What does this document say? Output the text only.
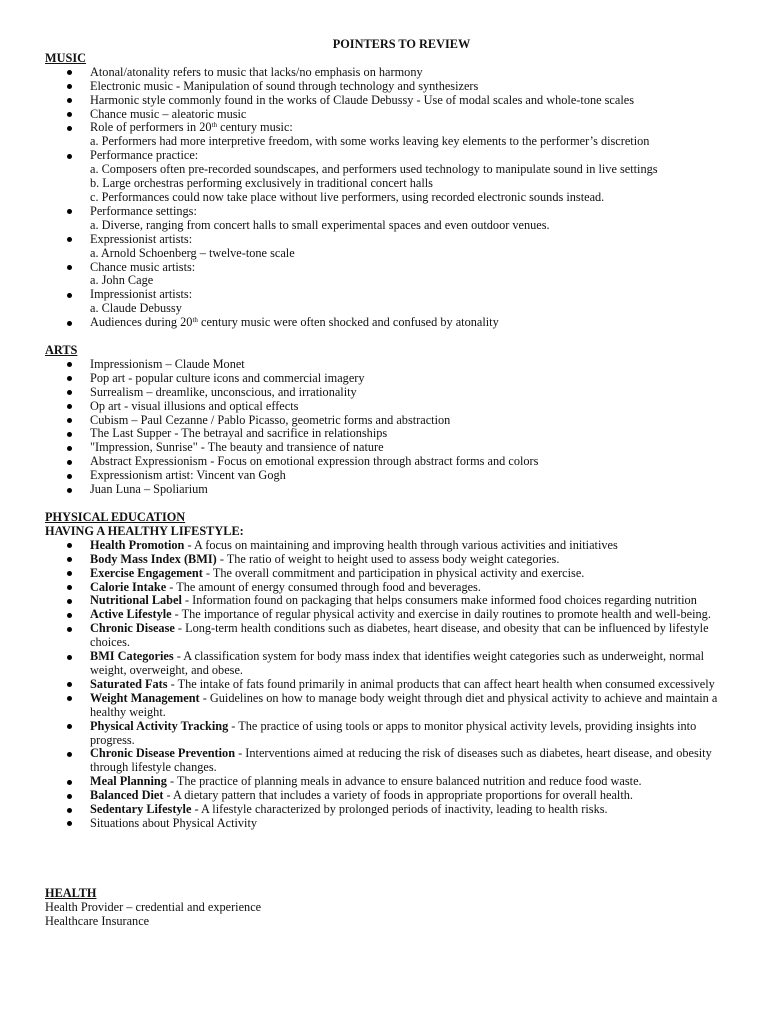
POINTERS TO REVIEW
MUSIC
Atonal/atonality refers to music that lacks/no emphasis on harmony
Electronic music - Manipulation of sound through technology and synthesizers
Harmonic style commonly found in the works of Claude Debussy - Use of modal scales and whole-tone scales
Chance music – aleatoric music
Role of performers in 20th century music:
a. Performers had more interpretive freedom, with some works leaving key elements to the performer’s discretion
Performance practice:
a. Composers often pre-recorded soundscapes, and performers used technology to manipulate sound in live settings
b. Large orchestras performing exclusively in traditional concert halls
c. Performances could now take place without live performers, using recorded electronic sounds instead.
Performance settings:
a. Diverse, ranging from concert halls to small experimental spaces and even outdoor venues.
Expressionist artists:
a. Arnold Schoenberg – twelve-tone scale
Chance music artists:
a. John Cage
Impressionist artists:
a. Claude Debussy
Audiences during 20th century music were often shocked and confused by atonality
ARTS
Impressionism – Claude Monet
Pop art - popular culture icons and commercial imagery
Surrealism – dreamlike, unconscious, and irrationality
Op art - visual illusions and optical effects
Cubism – Paul Cezanne / Pablo Picasso, geometric forms and abstraction
The Last Supper - The betrayal and sacrifice in relationships
"Impression, Sunrise" - The beauty and transience of nature
Abstract Expressionism - Focus on emotional expression through abstract forms and colors
Expressionism artist: Vincent van Gogh
Juan Luna – Spoliarium
PHYSICAL EDUCATION
HAVING A HEALTHY LIFESTYLE:
Health Promotion - A focus on maintaining and improving health through various activities and initiatives
Body Mass Index (BMI) - The ratio of weight to height used to assess body weight categories.
Exercise Engagement - The overall commitment and participation in physical activity and exercise.
Calorie Intake - The amount of energy consumed through food and beverages.
Nutritional Label - Information found on packaging that helps consumers make informed food choices regarding nutrition
Active Lifestyle - The importance of regular physical activity and exercise in daily routines to promote health and well-being.
Chronic Disease - Long-term health conditions such as diabetes, heart disease, and obesity that can be influenced by lifestyle choices.
BMI Categories - A classification system for body mass index that identifies weight categories such as underweight, normal weight, overweight, and obese.
Saturated Fats - The intake of fats found primarily in animal products that can affect heart health when consumed excessively
Weight Management - Guidelines on how to manage body weight through diet and physical activity to achieve and maintain a healthy weight.
Physical Activity Tracking - The practice of using tools or apps to monitor physical activity levels, providing insights into progress.
Chronic Disease Prevention - Interventions aimed at reducing the risk of diseases such as diabetes, heart disease, and obesity through lifestyle changes.
Meal Planning - The practice of planning meals in advance to ensure balanced nutrition and reduce food waste.
Balanced Diet - A dietary pattern that includes a variety of foods in appropriate proportions for overall health.
Sedentary Lifestyle - A lifestyle characterized by prolonged periods of inactivity, leading to health risks.
Situations about Physical Activity
HEALTH
Health Provider – credential and experience
Healthcare Insurance
